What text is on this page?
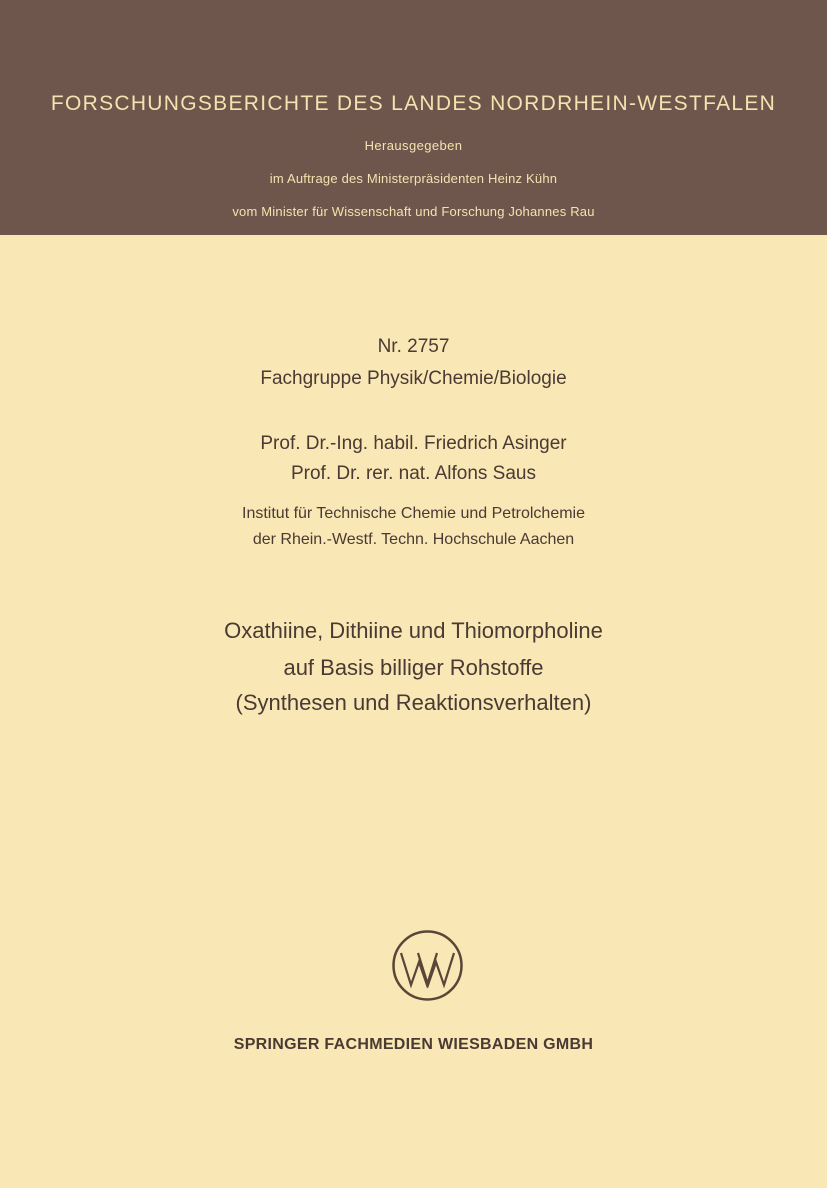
FORSCHUNGSBERICHTE DES LANDES NORDRHEIN-WESTFALEN
Herausgegeben
im Auftrage des Ministerpräsidenten Heinz Kühn
vom Minister für Wissenschaft und Forschung Johannes Rau
Nr. 2757
Fachgruppe Physik/Chemie/Biologie
Prof. Dr.-Ing. habil. Friedrich Asinger
Prof. Dr. rer. nat. Alfons Saus
Institut für Technische Chemie und Petrolchemie
der Rhein.-Westf. Techn. Hochschule Aachen
Oxathiine, Dithiine und Thiomorpholine
auf Basis billiger Rohstoffe
(Synthesen und Reaktionsverhalten)
SPRINGER FACHMEDIEN WIESBADEN GMBH
